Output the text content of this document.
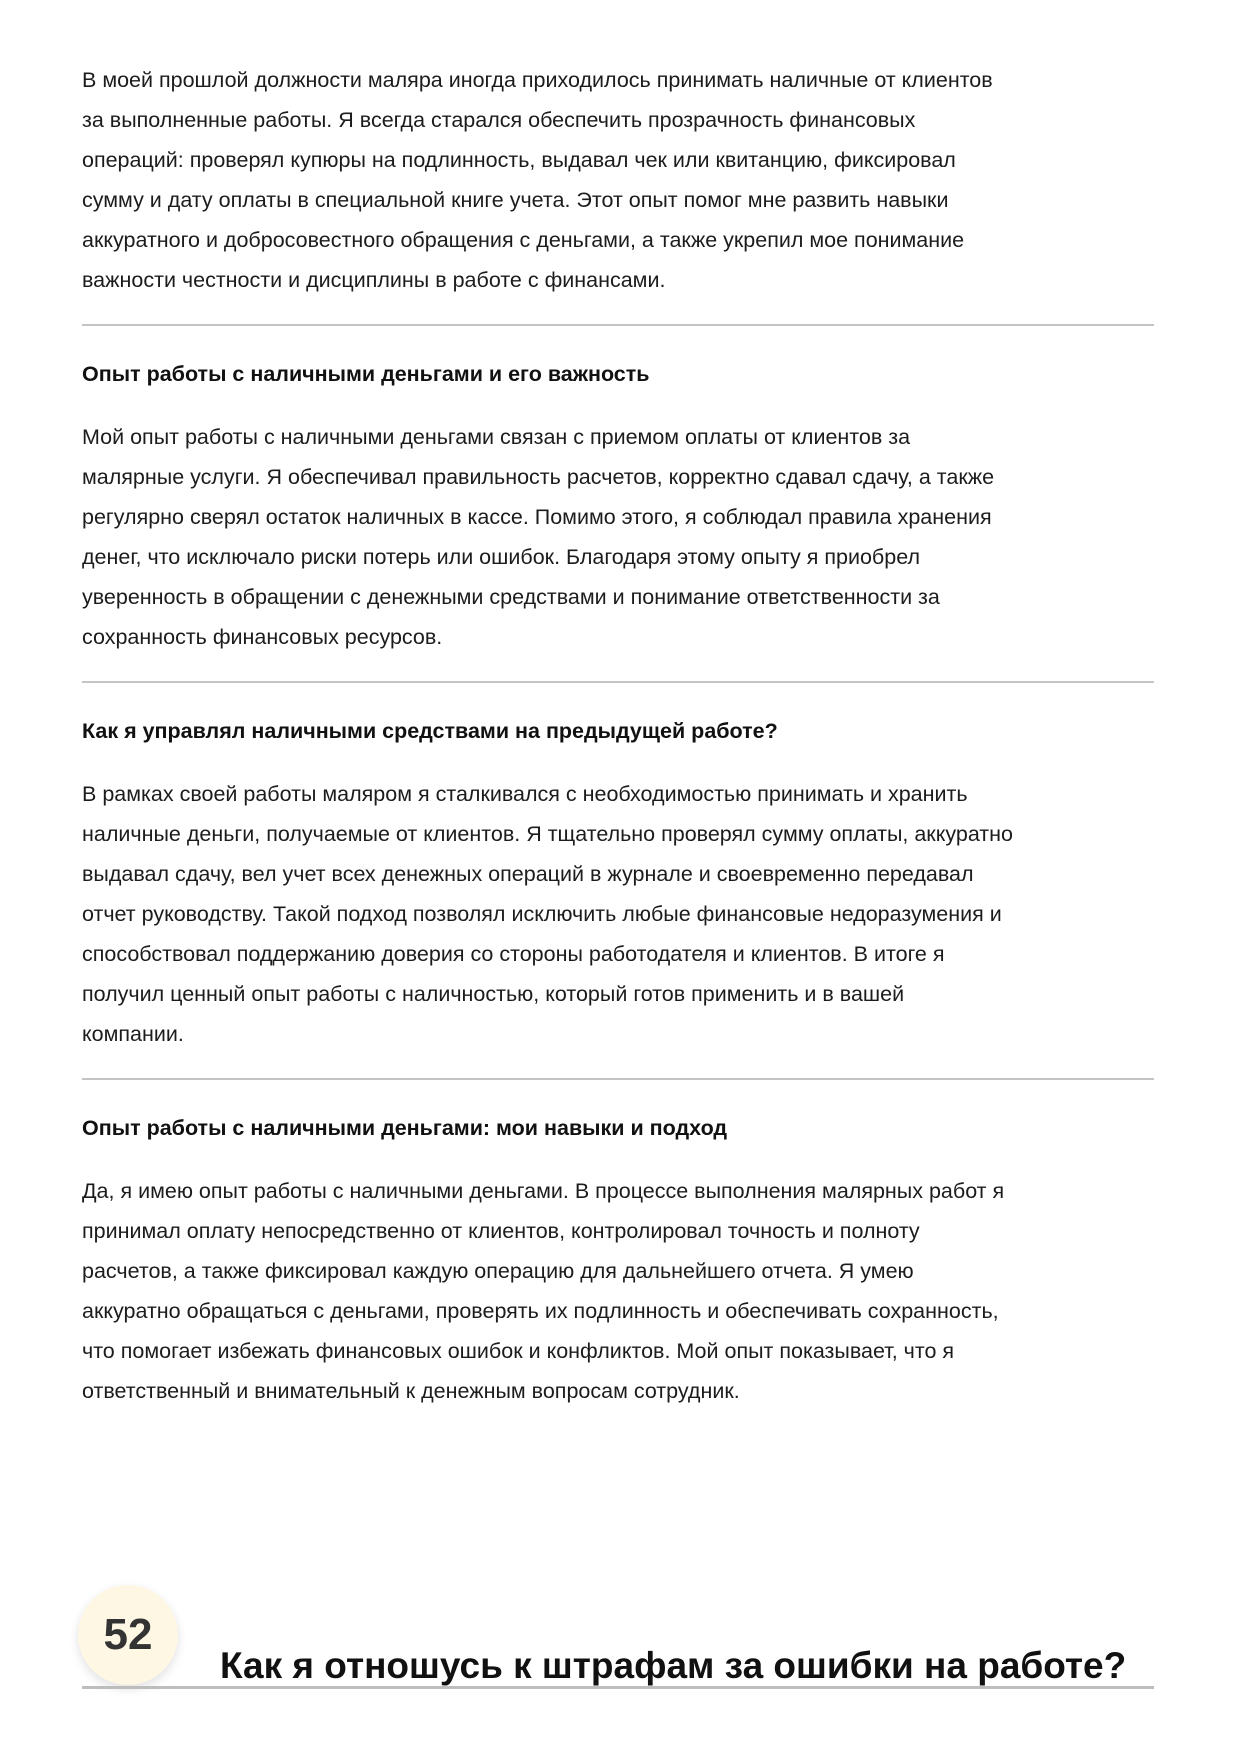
В моей прошлой должности маляра иногда приходилось принимать наличные от клиентов
за выполненные работы. Я всегда старался обеспечить прозрачность финансовых
операций: проверял купюры на подлинность, выдавал чек или квитанцию, фиксировал
сумму и дату оплаты в специальной книге учета. Этот опыт помог мне развить навыки
аккуратного и добросовестного обращения с деньгами, а также укрепил мое понимание
важности честности и дисциплины в работе с финансами.

Опыт работы с наличными деньгами и его важность

Мой опыт работы с наличными деньгами связан с приемом оплаты от клиентов за
малярные услуги. Я обеспечивал правильность расчетов, корректно сдавал сдачу, а также
регулярно сверял остаток наличных в кассе. Помимо этого, я соблюдал правила хранения
денег, что исключало риски потерь или ошибок. Благодаря этому опыту я приобрел
уверенность в обращении с денежными средствами и понимание ответственности за
сохранность финансовых ресурсов.

Как я управлял наличными средствами на предыдущей работе?

В рамках своей работы маляром я сталкивался с необходимостью принимать и хранить
наличные деньги, получаемые от клиентов. Я тщательно проверял сумму оплаты, аккуратно
выдавал сдачу, вел учет всех денежных операций в журнале и своевременно передавал
отчет руководству. Такой подход позволял исключить любые финансовые недоразумения и
способствовал поддержанию доверия со стороны работодателя и клиентов. В итоге я
получил ценный опыт работы с наличностью, который готов применить и в вашей
компании.

Опыт работы с наличными деньгами: мои навыки и подход

Да, я имею опыт работы с наличными деньгами. В процессе выполнения малярных работ я
принимал оплату непосредственно от клиентов, контролировал точность и полноту
расчетов, а также фиксировал каждую операцию для дальнейшего отчета. Я умею
аккуратно обращаться с деньгами, проверять их подлинность и обеспечивать сохранность,
что помогает избежать финансовых ошибок и конфликтов. Мой опыт показывает, что я
ответственный и внимательный к денежным вопросам сотрудник.

52
Как я отношусь к штрафам за ошибки на работе?
